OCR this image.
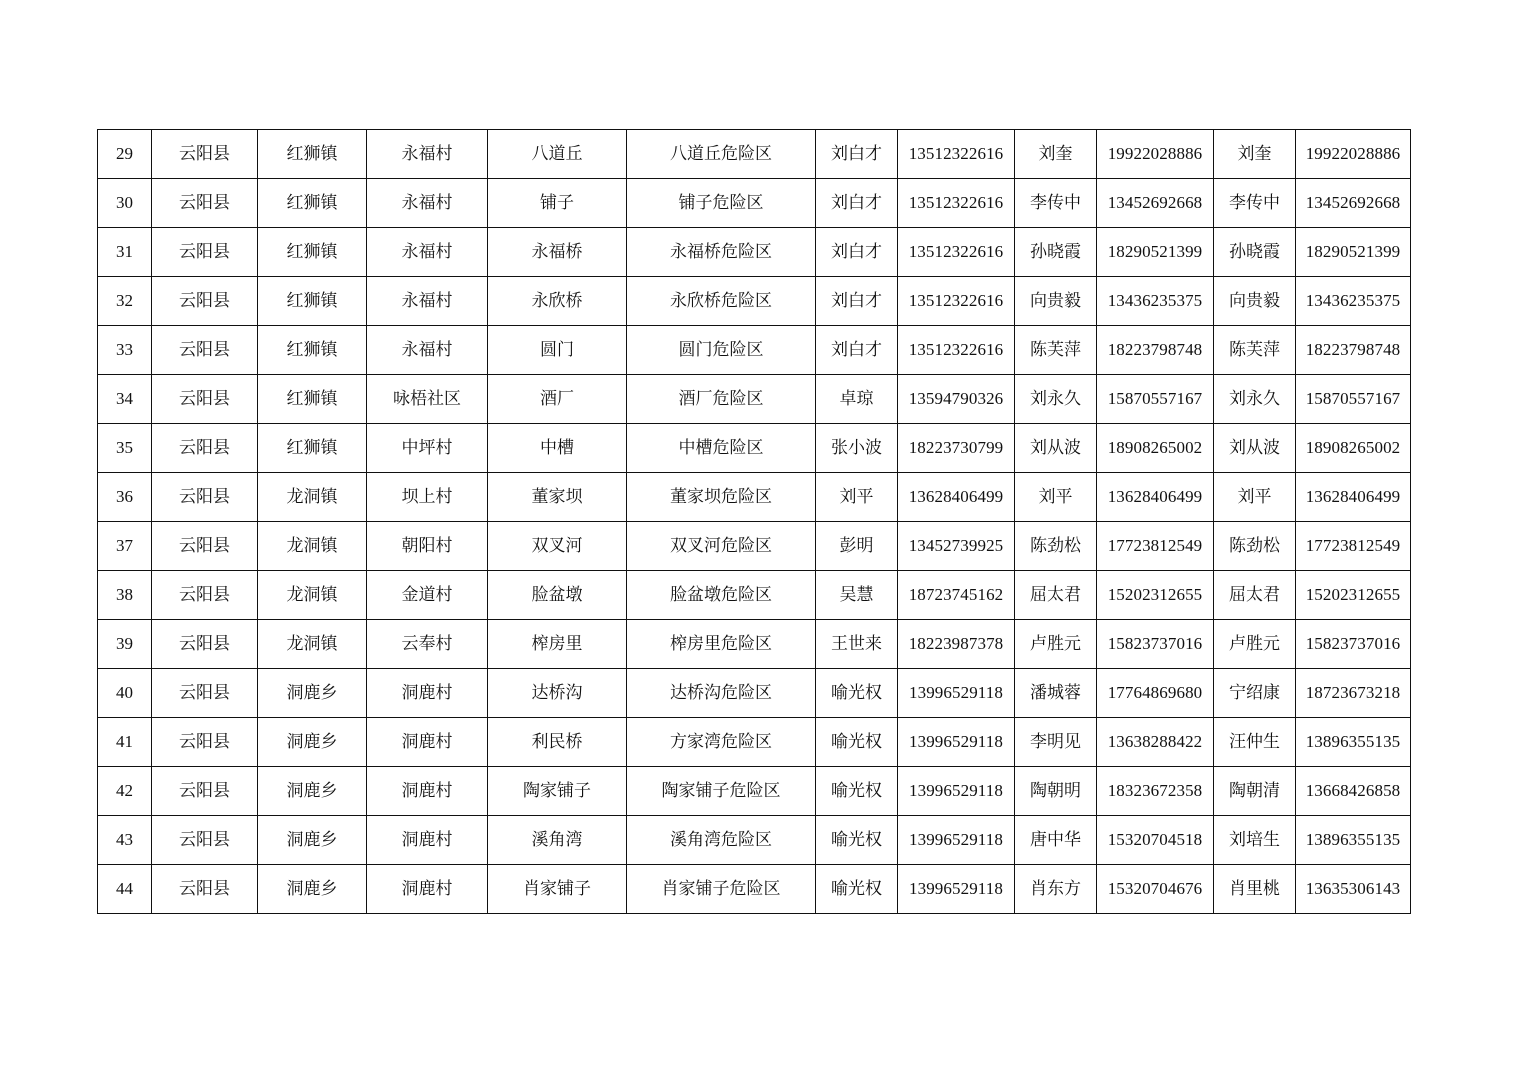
29	云阳县	红狮镇	永福村	八道丘	八道丘危险区	刘白才	13512322616	刘奎	19922028886	刘奎	19922028886
30	云阳县	红狮镇	永福村	铺子	铺子危险区	刘白才	13512322616	李传中	13452692668	李传中	13452692668
31	云阳县	红狮镇	永福村	永福桥	永福桥危险区	刘白才	13512322616	孙晓霞	18290521399	孙晓霞	18290521399
32	云阳县	红狮镇	永福村	永欣桥	永欣桥危险区	刘白才	13512322616	向贵毅	13436235375	向贵毅	13436235375
33	云阳县	红狮镇	永福村	圆门	圆门危险区	刘白才	13512322616	陈芙萍	18223798748	陈芙萍	18223798748
34	云阳县	红狮镇	咏梧社区	酒厂	酒厂危险区	卓琼	13594790326	刘永久	15870557167	刘永久	15870557167
35	云阳县	红狮镇	中坪村	中槽	中槽危险区	张小波	18223730799	刘从波	18908265002	刘从波	18908265002
36	云阳县	龙洞镇	坝上村	董家坝	董家坝危险区	刘平	13628406499	刘平	13628406499	刘平	13628406499
37	云阳县	龙洞镇	朝阳村	双叉河	双叉河危险区	彭明	13452739925	陈劲松	17723812549	陈劲松	17723812549
38	云阳县	龙洞镇	金道村	脸盆墩	脸盆墩危险区	吴慧	18723745162	屈太君	15202312655	屈太君	15202312655
39	云阳县	龙洞镇	云奉村	榨房里	榨房里危险区	王世来	18223987378	卢胜元	15823737016	卢胜元	15823737016
40	云阳县	洞鹿乡	洞鹿村	达桥沟	达桥沟危险区	喻光权	13996529118	潘城蓉	17764869680	宁绍康	18723673218
41	云阳县	洞鹿乡	洞鹿村	利民桥	方家湾危险区	喻光权	13996529118	李明见	13638288422	汪仲生	13896355135
42	云阳县	洞鹿乡	洞鹿村	陶家铺子	陶家铺子危险区	喻光权	13996529118	陶朝明	18323672358	陶朝清	13668426858
43	云阳县	洞鹿乡	洞鹿村	溪角湾	溪角湾危险区	喻光权	13996529118	唐中华	15320704518	刘培生	13896355135
44	云阳县	洞鹿乡	洞鹿村	肖家铺子	肖家铺子危险区	喻光权	13996529118	肖东方	15320704676	肖里桃	13635306143
